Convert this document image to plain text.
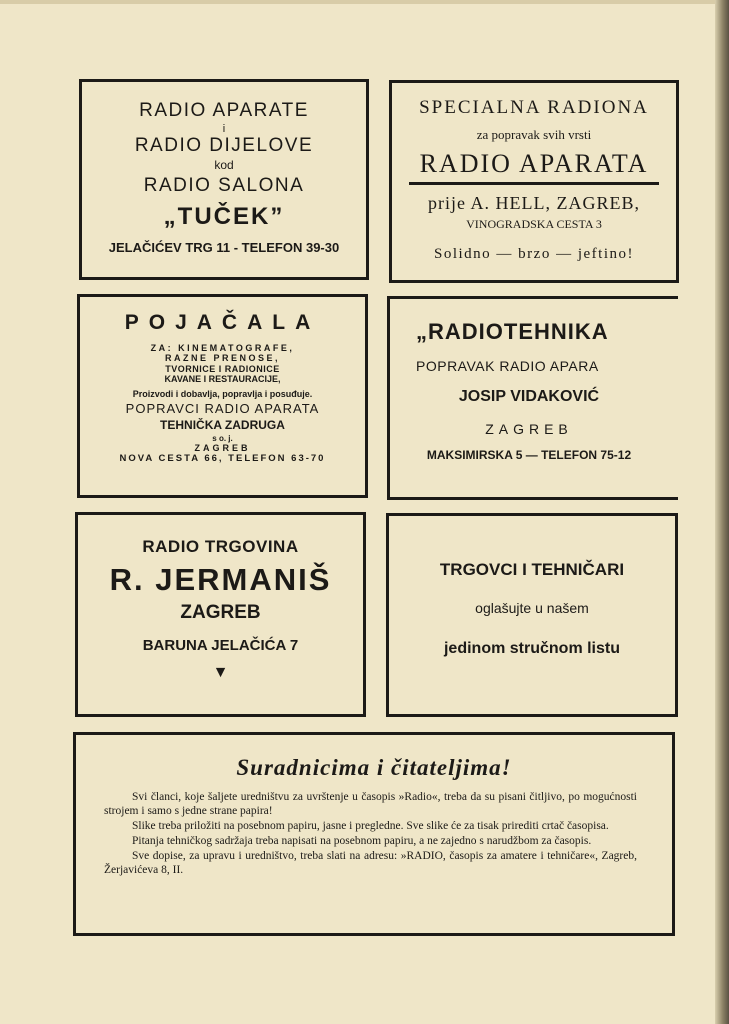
RADIO APARATE
i
RADIO DIJELOVE
kod
RADIO SALONA
„TUČEK”
JELAČIĆEV TRG 11 - TELEFON 39-30
SPECIALNA RADIONA
za popravak svih vrsti
RADIO APARATA
prije A. HELL, ZAGREB,
VINOGRADSKA CESTA 3
Solidno — brzo — jeftino!
POJAČALA
ZA: KINEMATOGRAFE,
RAZNE PRENOSE,
TVORNICE I RADIONICE
KAVANE I RESTAURACIJE,
Proizvodi i dobavlja, popravlja i posuđuje.
POPRAVCI RADIO APARATA
TEHNIČKA ZADRUGA
s o. j.
ZAGREB
NOVA CESTA 66, TELEFON 63-70
„RADIOTEHNIKA
POPRAVAK RADIO APARA
JOSIP VIDAKOVIĆ
ZAGREB
MAKSIMIRSKA 5 — TELEFON 75-12
RADIO TRGOVINA
R. JERMANIŠ
ZAGREB
BARUNA JELAČIĆA 7
▼
TRGOVCI I TEHNIČARI
oglašujte u našem
jedinom stručnom listu
Suradnicima i čitateljima!

Svi članci, koje šaljete uredništvu za uvrštenje u časopis »Radio«, treba da su pisani čitljivo, po mogućnosti strojem i samo s jedne strane papira!

Slike treba priložiti na posebnom papiru, jasne i pregledne. Sve slike će za tisak prirediti crtač časopisa.

Pitanja tehničkog sadržaja treba napisati na posebnom papiru, a ne zajedno s narudžbom za časopis.

Sve dopise, za upravu i uredništvo, treba slati na adresu: »RADIO, časopis za amatere i tehničare«, Zagreb, Žerjavićeva 8, II.
